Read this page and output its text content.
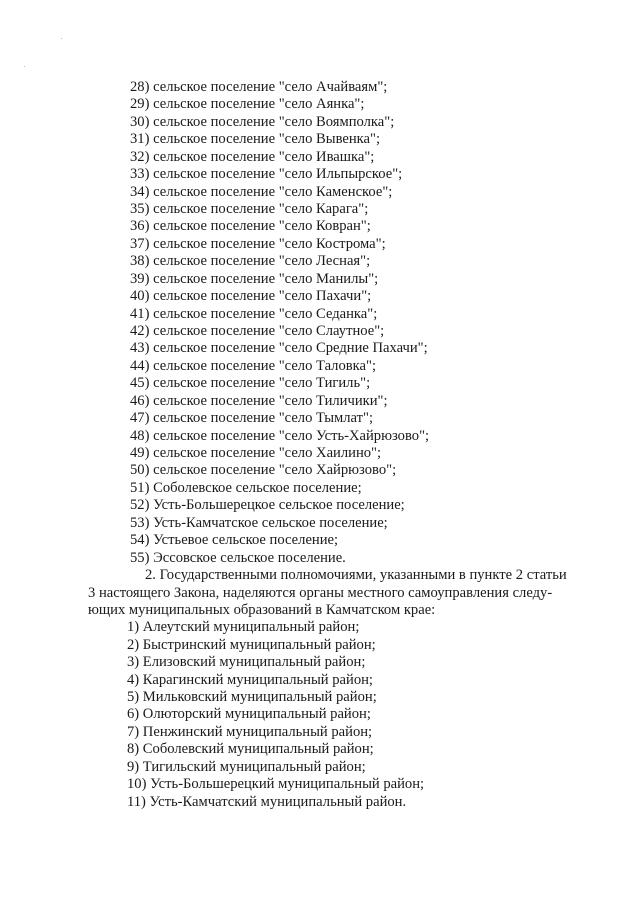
28) сельское поселение "село Ачайваям";
29) сельское поселение "село Аянка";
30) сельское поселение "село Воямполка";
31) сельское поселение "село Вывенка";
32) сельское поселение "село Ивашка";
33) сельское поселение "село Ильпырское";
34) сельское поселение "село Каменское";
35) сельское поселение "село Карага";
36) сельское поселение "село Ковран";
37) сельское поселение "село Кострома";
38) сельское поселение "село Лесная";
39) сельское поселение "село Манилы";
40) сельское поселение "село Пахачи";
41) сельское поселение "село Седанка";
42) сельское поселение "село Слаутное";
43) сельское поселение "село Средние Пахачи";
44) сельское поселение "село Таловка";
45) сельское поселение "село Тигиль";
46) сельское поселение "село Тиличики";
47) сельское поселение "село Тымлат";
48) сельское поселение "село Усть-Хайрюзово";
49) сельское поселение "село Хаилино";
50) сельское поселение "село Хайрюзово";
51) Соболевское сельское поселение;
52) Усть-Большерецкое сельское поселение;
53) Усть-Камчатское сельское поселение;
54) Устьевое сельское поселение;
55) Эссовское сельское поселение.
2. Государственными полномочиями, указанными в пункте 2 статьи
3 настоящего Закона, наделяются органы местного самоуправления следу-
ющих муниципальных образований в Камчатском крае:
1) Алеутский муниципальный район;
2) Быстринский муниципальный район;
3) Елизовский муниципальный район;
4) Карагинский муниципальный район;
5) Мильковский муниципальный район;
6) Олюторский муниципальный район;
7) Пенжинский муниципальный район;
8) Соболевский муниципальный район;
9) Тигильский муниципальный район;
10) Усть-Большерецкий муниципальный район;
11) Усть-Камчатский муниципальный район.
